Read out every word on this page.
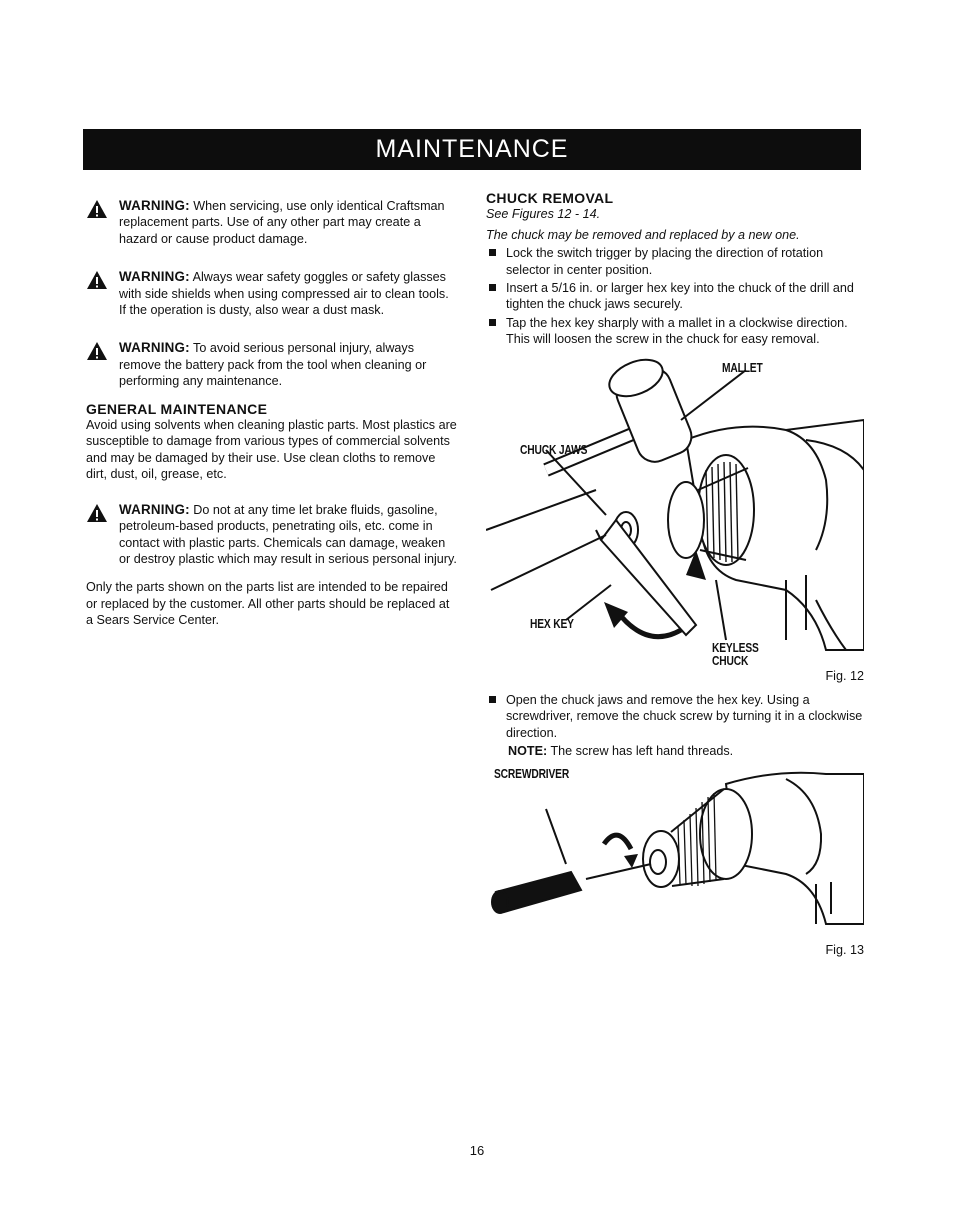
MAINTENANCE

WARNING: When servicing, use only identical Craftsman replacement parts. Use of any other part may create a hazard or cause product damage.

WARNING: Always wear safety goggles or safety glasses with side shields when using compressed air to clean tools. If the operation is dusty, also wear a dust mask.

WARNING: To avoid serious personal injury, always remove the battery pack from the tool when cleaning or performing any maintenance.

GENERAL MAINTENANCE

Avoid using solvents when cleaning plastic parts. Most plastics are susceptible to damage from various types of commercial solvents and may be damaged by their use. Use clean cloths to remove dirt, dust, oil, grease, etc.

WARNING: Do not at any time let brake fluids, gasoline, petroleum-based products, penetrating oils, etc. come in contact with plastic parts. Chemicals can damage, weaken or destroy plastic which may result in serious personal injury.

Only the parts shown on the parts list are intended to be repaired or replaced by the customer. All other parts should be replaced at a Sears Service Center.

CHUCK REMOVAL

See Figures 12 - 14.

The chuck may be removed and replaced by a new one.

Lock the switch trigger by placing the direction of rotation selector in center position.
Insert a 5/16 in. or larger hex key into the chuck of the drill and tighten the chuck jaws securely.
Tap the hex key sharply with a mallet in a clockwise direction. This will loosen the screw in the chuck for easy removal.
MALLET
CHUCK JAWS
HEX KEY
KEYLESS
CHUCK

Fig. 12

Open the chuck jaws and remove the hex key. Using a screwdriver, remove the chuck screw by turning it in a clockwise direction.

NOTE: The screw has left hand threads.

SCREWDRIVER

Fig. 13

16
